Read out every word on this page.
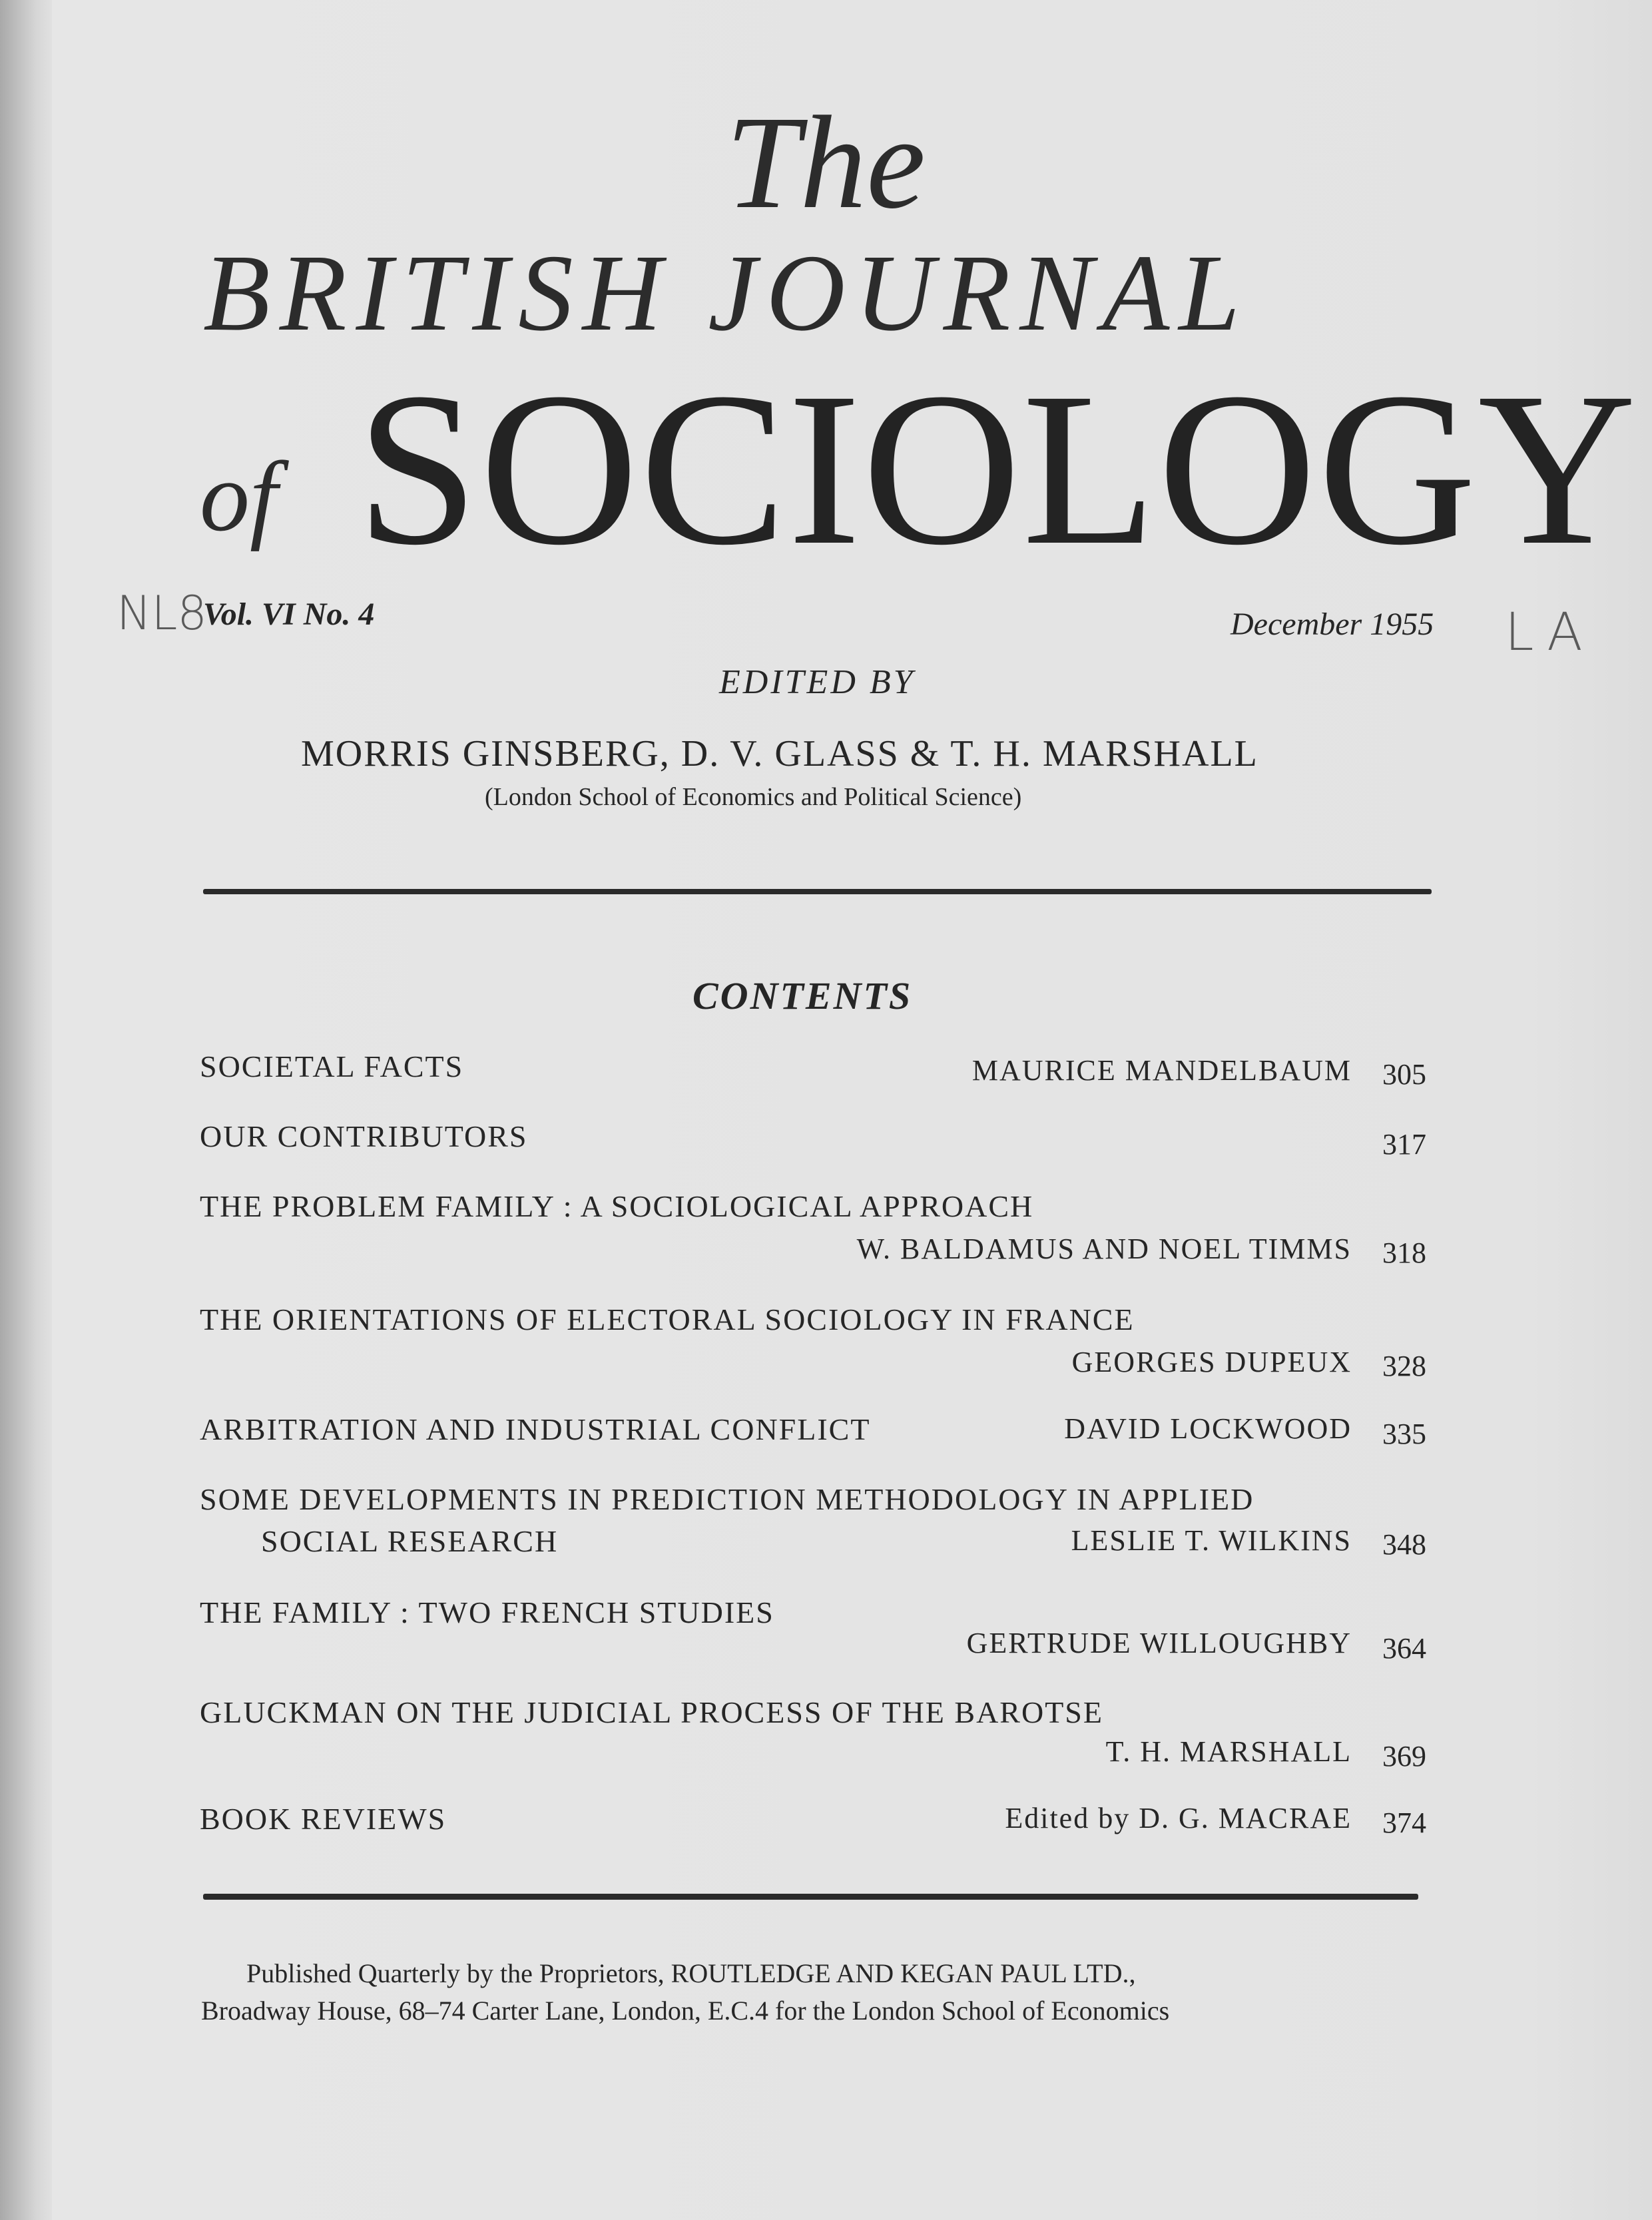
The
BRITISH JOURNAL
of SOCIOLOGY
NL8	LA
Vol. VI No. 4	December 1955
EDITED BY
MORRIS GINSBERG, D. V. GLASS & T. H. MARSHALL
(London School of Economics and Political Science)
CONTENTS
SOCIETAL FACTS	MAURICE MANDELBAUM	305
OUR CONTRIBUTORS	317
THE PROBLEM FAMILY : A SOCIOLOGICAL APPROACH
W. BALDAMUS AND NOEL TIMMS	318
THE ORIENTATIONS OF ELECTORAL SOCIOLOGY IN FRANCE
GEORGES DUPEUX	328
ARBITRATION AND INDUSTRIAL CONFLICT	DAVID LOCKWOOD	335
SOME DEVELOPMENTS IN PREDICTION METHODOLOGY IN APPLIED
SOCIAL RESEARCH	LESLIE T. WILKINS	348
THE FAMILY : TWO FRENCH STUDIES
GERTRUDE WILLOUGHBY	364
GLUCKMAN ON THE JUDICIAL PROCESS OF THE BAROTSE
T. H. MARSHALL	369
BOOK REVIEWS	Edited by D. G. MACRAE	374
Published Quarterly by the Proprietors, ROUTLEDGE AND KEGAN PAUL LTD.,
Broadway House, 68–74 Carter Lane, London, E.C.4 for the London School of Economics
